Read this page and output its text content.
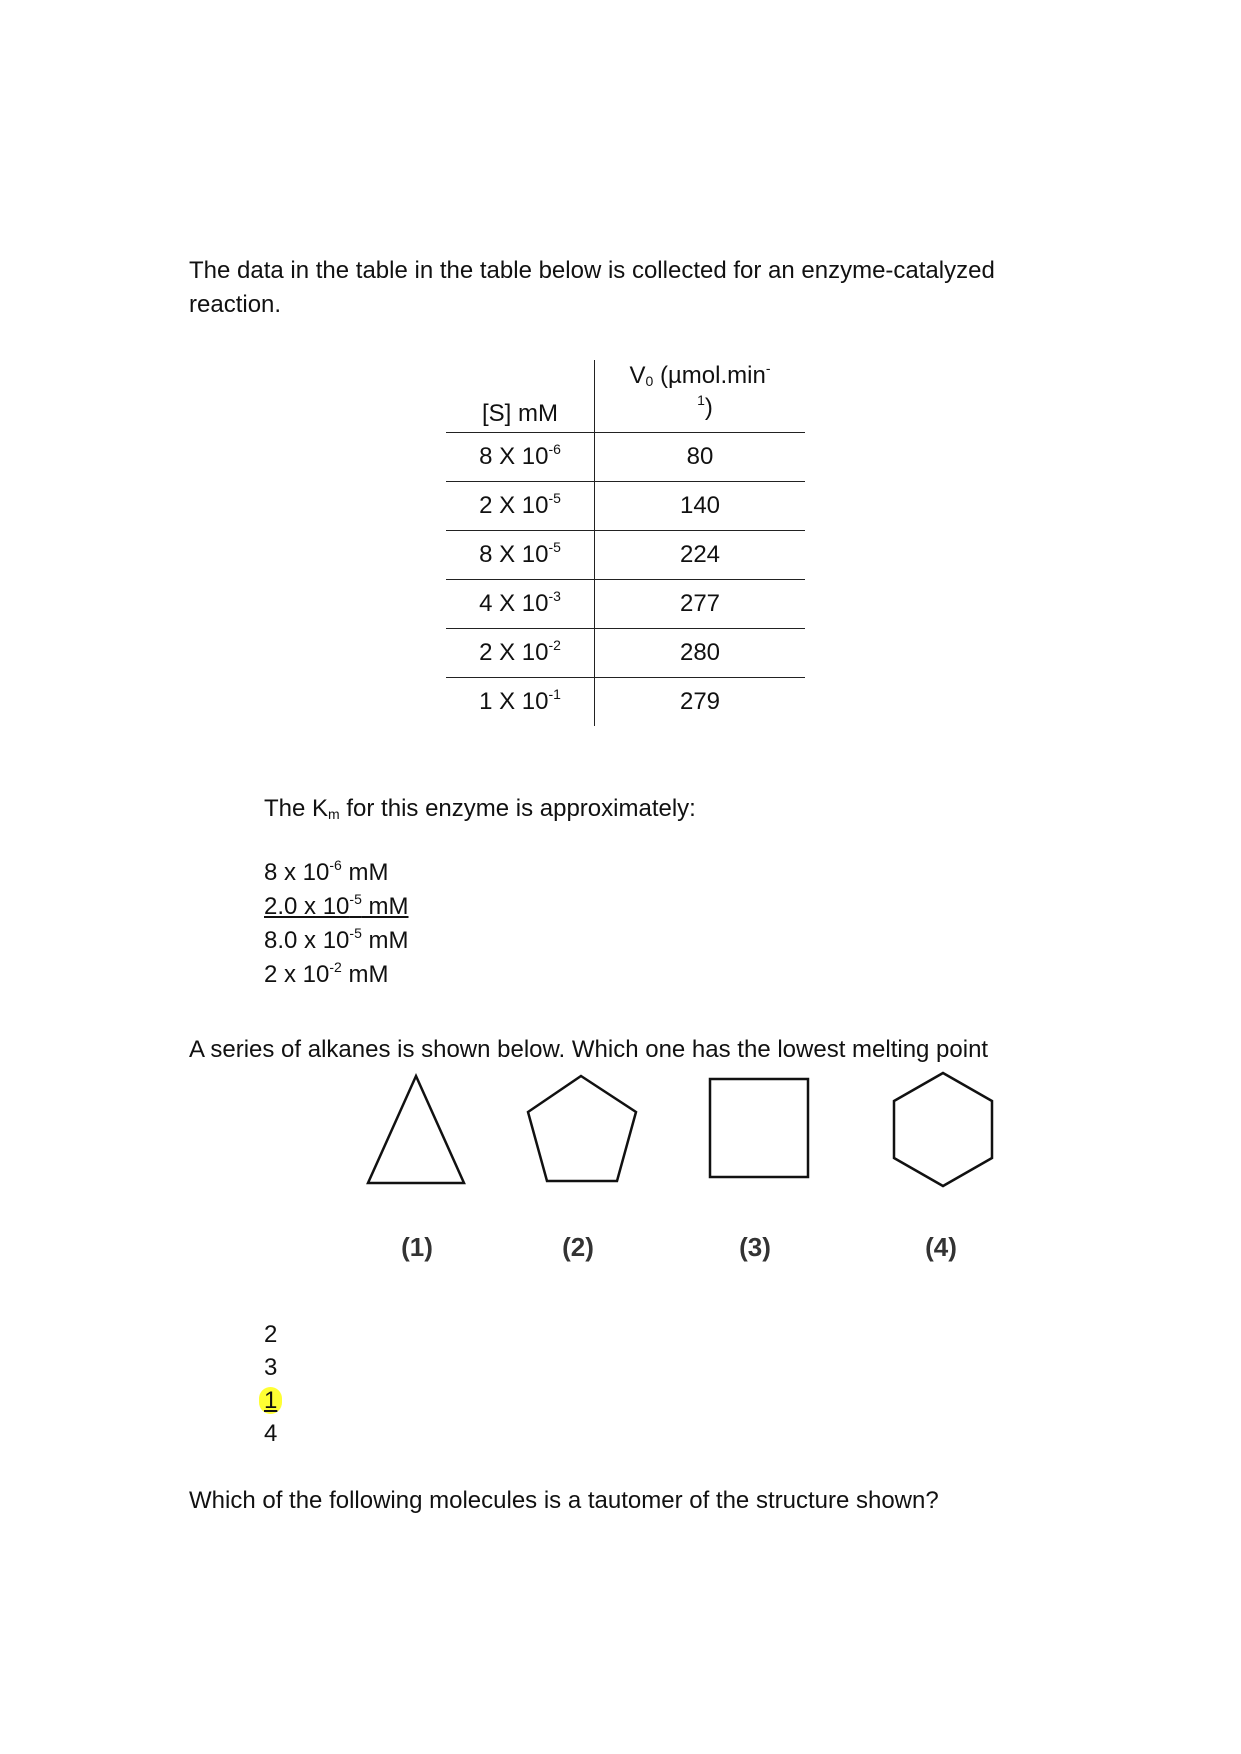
The data in the table in the table below is collected for an enzyme-catalyzed reaction.
[S] mM	$V_0$ (µmol.min-
$^1$)

8 X $10^{-6}$	80
2 X $10^{-5}$	140
8 X $10^{-5}$	224
4 X $10^{-3}$	277
2 X $10^{-2}$	280
1 X $10^{-1}$	279
The $K_m$ for this enzyme is approximately:
8 x $10^{-6}$ mM
2.0 x $10^{-5}$ mM
8.0 x $10^{-5}$ mM
2 x $10^{-2}$ mM
A series of alkanes is shown below. Which one has the lowest melting point
(1)	(2)	(3)	(4)
2
3
1
4
Which of the following molecules is a tautomer of the structure shown?
